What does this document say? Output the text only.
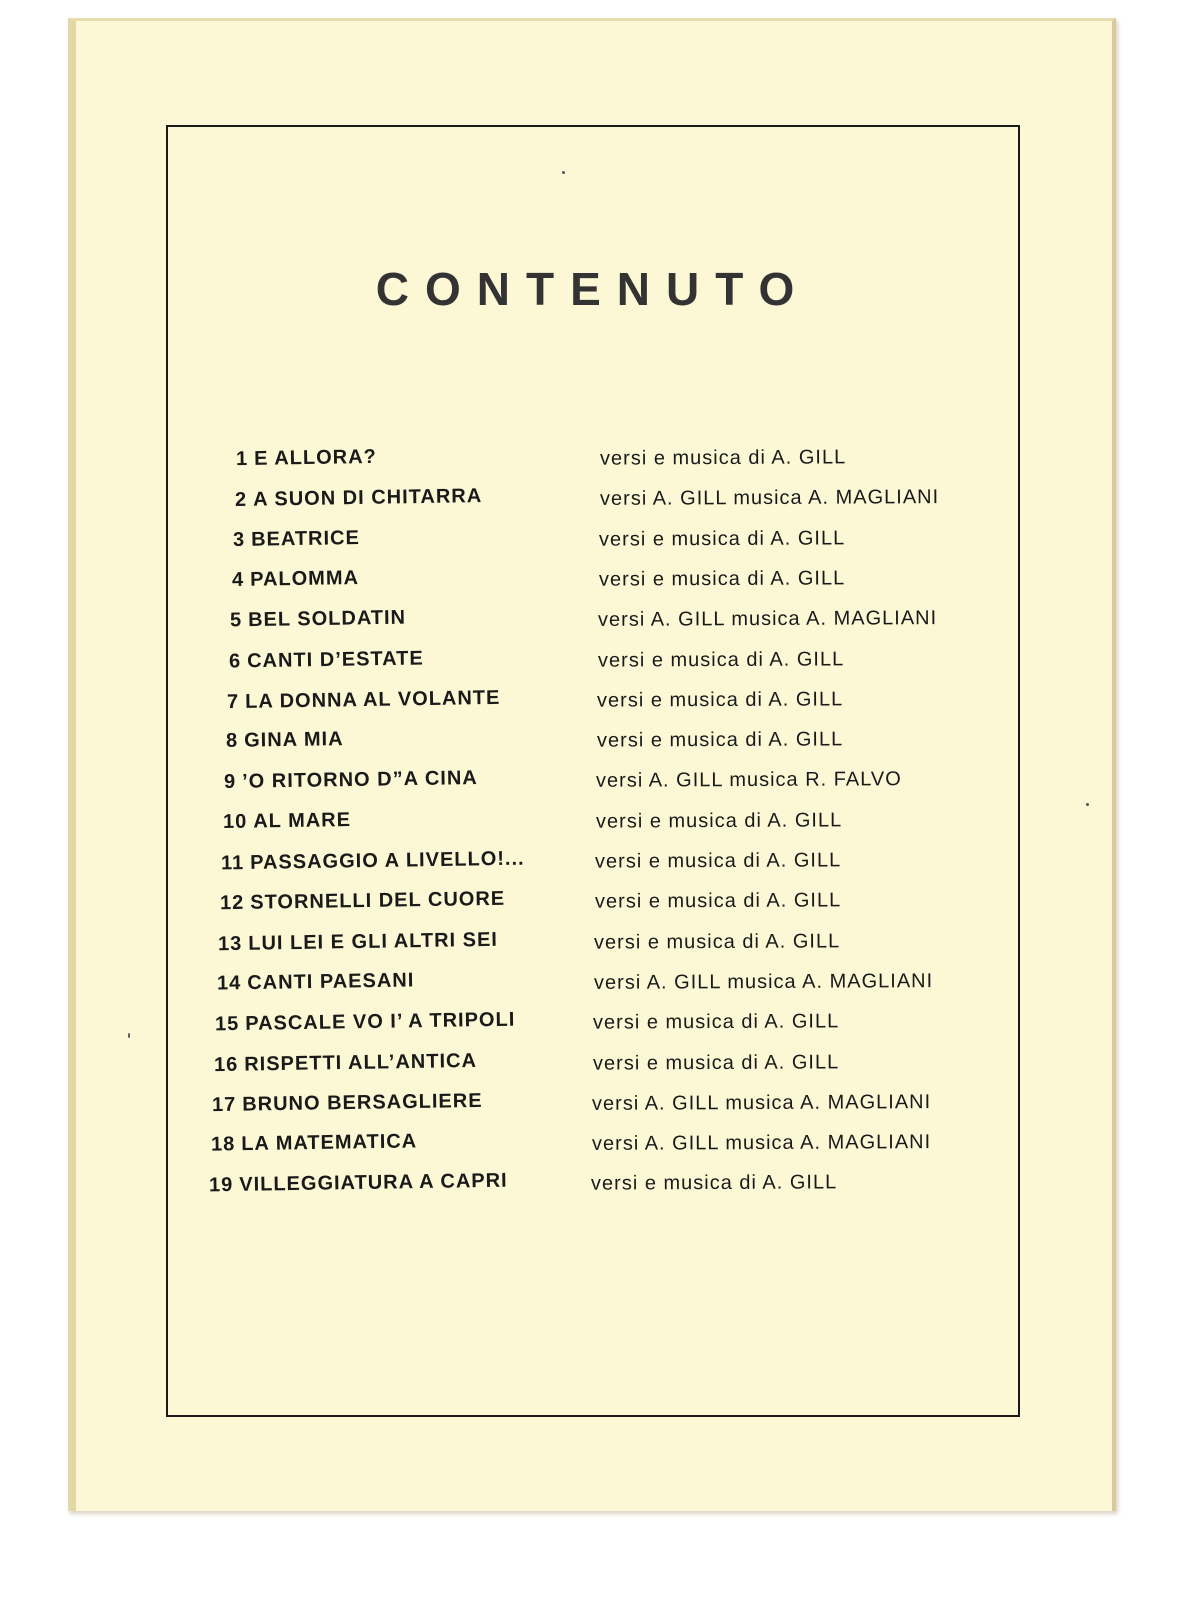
CONTENUTO
1 E ALLORA?	versi e musica di A. GILL
2 A SUON DI CHITARRA	versi A. GILL musica A. MAGLIANI
3 BEATRICE	versi e musica di A. GILL
4 PALOMMA	versi e musica di A. GILL
5 BEL SOLDATIN	versi A. GILL musica A. MAGLIANI
6 CANTI D’ESTATE	versi e musica di A. GILL
7 LA DONNA AL VOLANTE	versi e musica di A. GILL
8 GINA MIA	versi e musica di A. GILL
9 ’O RITORNO D”A CINA	versi A. GILL musica R. FALVO
10 AL MARE	versi e musica di A. GILL
11 PASSAGGIO A LIVELLO!...	versi e musica di A. GILL
12 STORNELLI DEL CUORE	versi e musica di A. GILL
13 LUI LEI E GLI ALTRI SEI	versi e musica di A. GILL
14 CANTI PAESANI	versi A. GILL musica A. MAGLIANI
15 PASCALE VO I’ A TRIPOLI	versi e musica di A. GILL
16 RISPETTI ALL’ANTICA	versi e musica di A. GILL
17 BRUNO BERSAGLIERE	versi A. GILL musica A. MAGLIANI
18 LA MATEMATICA	versi A. GILL musica A. MAGLIANI
19 VILLEGGIATURA A CAPRI	versi e musica di A. GILL
